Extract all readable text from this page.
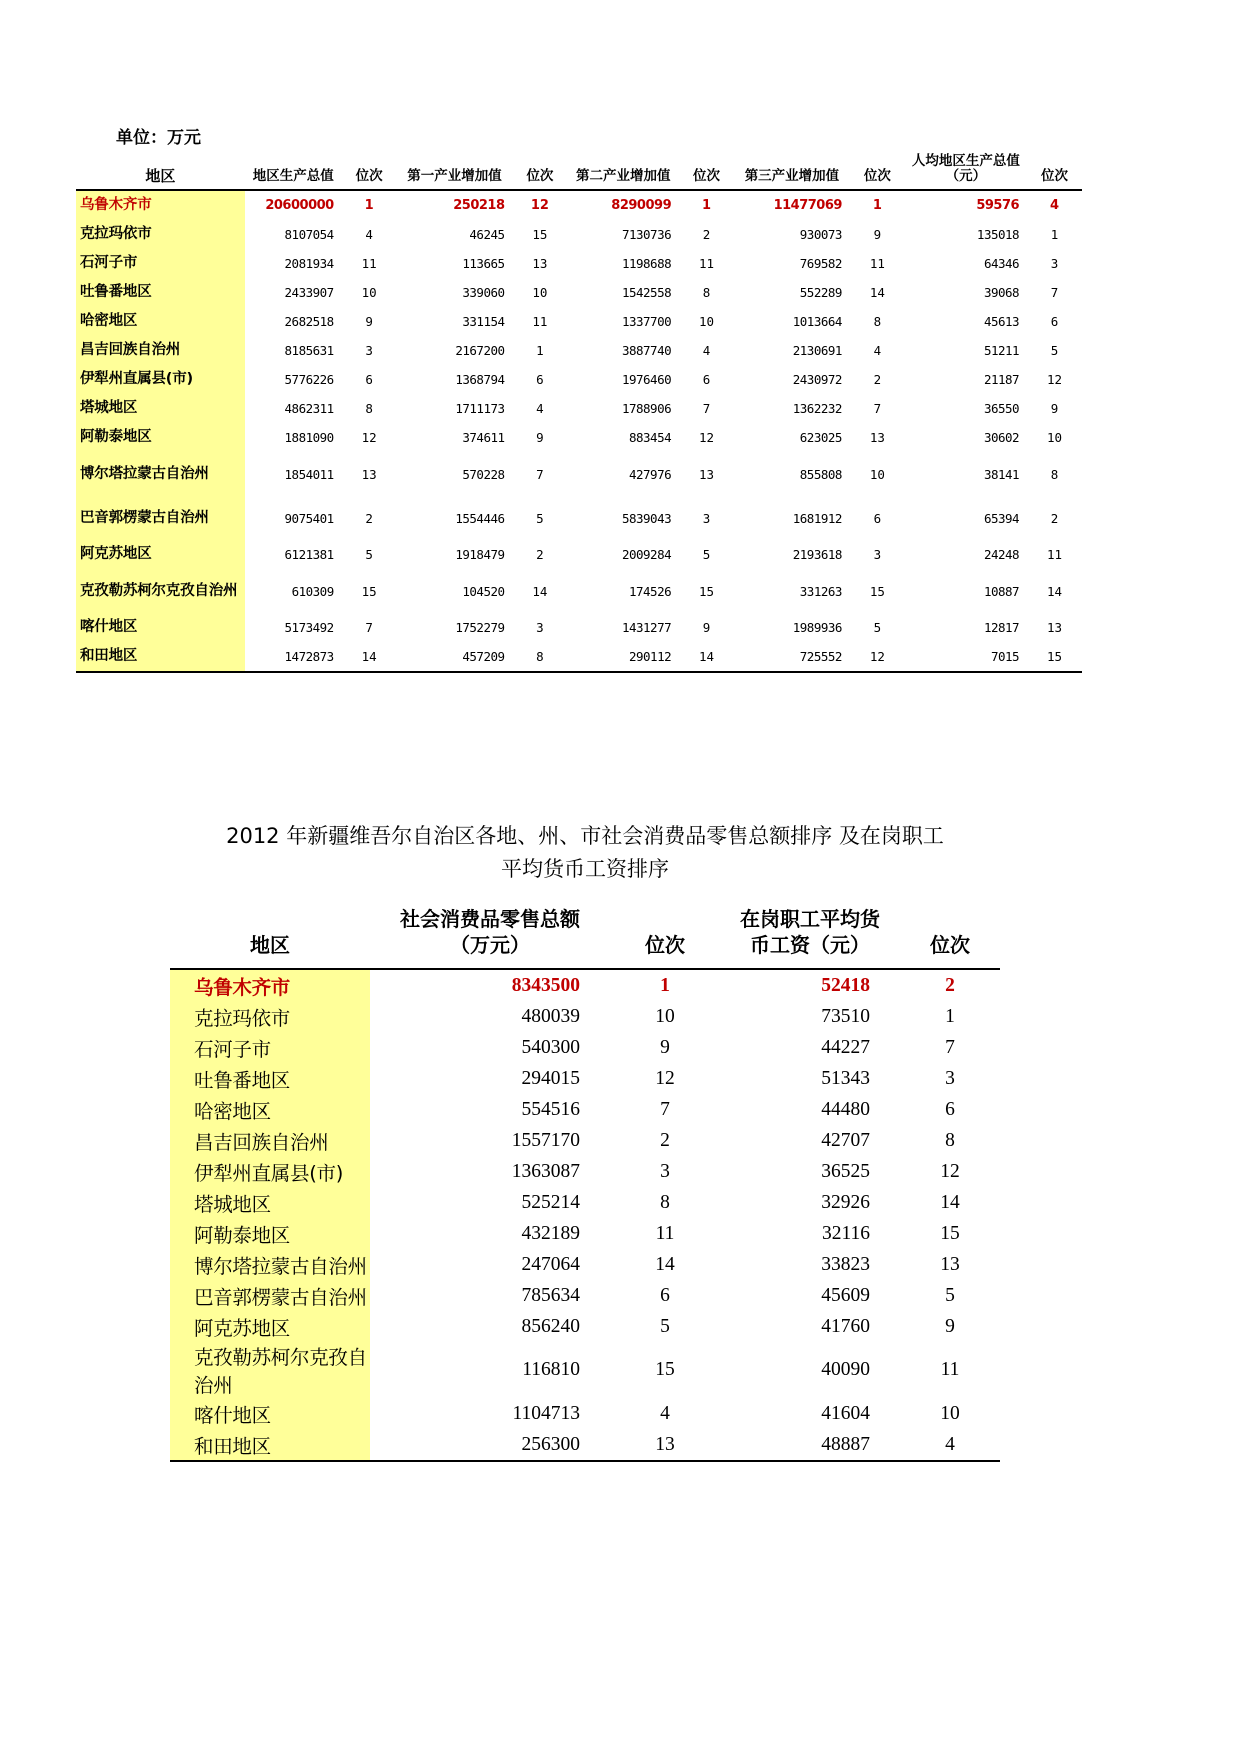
单位：万元
地区	地区生产总值	位次	第一产业增加值	位次	第二产业增加值	位次	第三产业增加值	位次	人均地区生产总值（元）	位次
乌鲁木齐市	20600000	1	250218	12	8290099	1	11477069	1	59576	4
克拉玛依市	8107054	4	46245	15	7130736	2	930073	9	135018	1
石河子市	2081934	11	113665	13	1198688	11	769582	11	64346	3
吐鲁番地区	2433907	10	339060	10	1542558	8	552289	14	39068	7
哈密地区	2682518	9	331154	11	1337700	10	1013664	8	45613	6
昌吉回族自治州	8185631	3	2167200	1	3887740	4	2130691	4	51211	5
伊犁州直属县(市)	5776226	6	1368794	6	1976460	6	2430972	2	21187	12
塔城地区	4862311	8	1711173	4	1788906	7	1362232	7	36550	9
阿勒泰地区	1881090	12	374611	9	883454	12	623025	13	30602	10
博尔塔拉蒙古自治州	1854011	13	570228	7	427976	13	855808	10	38141	8
巴音郭楞蒙古自治州	9075401	2	1554446	5	5839043	3	1681912	6	65394	2
阿克苏地区	6121381	5	1918479	2	2009284	5	2193618	3	24248	11
克孜勒苏柯尔克孜自治州	610309	15	104520	14	174526	15	331263	15	10887	14
喀什地区	5173492	7	1752279	3	1431277	9	1989936	5	12817	13
和田地区	1472873	14	457209	8	290112	14	725552	12	7015	15
2012 年新疆维吾尔自治区各地、州、市社会消费品零售总额排序 及在岗职工
平均货币工资排序
地区	
社会消费品零售总额
（万元）	位次	
在岗职工平均货
币工资（元）	位次
乌鲁木齐市	8343500	1	52418	2
克拉玛依市	480039	10	73510	1
石河子市	540300	9	44227	7
吐鲁番地区	294015	12	51343	3
哈密地区	554516	7	44480	6
昌吉回族自治州	1557170	2	42707	8
伊犁州直属县(市)	1363087	3	36525	12
塔城地区	525214	8	32926	14
阿勒泰地区	432189	11	32116	15
博尔塔拉蒙古自治州	247064	14	33823	13
巴音郭楞蒙古自治州	785634	6	45609	5
阿克苏地区	856240	5	41760	9
克孜勒苏柯尔克孜自治州	116810	15	40090	11
喀什地区	1104713	4	41604	10
和田地区	256300	13	48887	4
